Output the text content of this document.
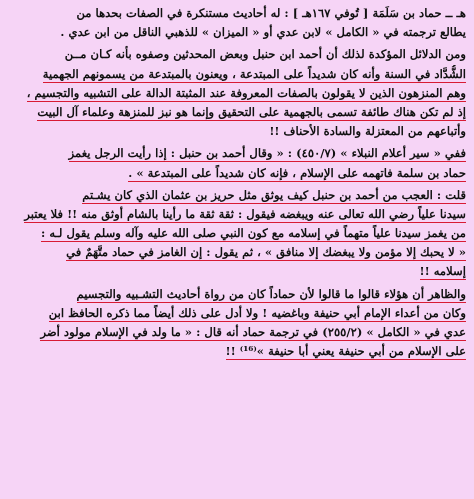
هـ ــ حماد بن سَلَمَة [ تُوفي ١٦٧هـ ] : له أحاديث مستنكرة في الصفات بحدها من
يطالع ترجمته في « الكامل » لابن عدي أو « الميزان » للذهبي الناقل من ابن عدي .
ومن الدلائل المؤكدة لذلك أن أحمد ابن حنبل وبعض المحدثين وصفوه بأنه كـان مــن
الشُّدَّاد في السنة وأنه كان شديداً على المبتدعة ، ويعنون بالمبتدعة من يسمونهم الجهمية
وهم المنزهون الذين لا يقولون بالصفات المعروفة عند المثبتة الدالة على التشبيه والتجسيم ،
إذ لم تكن هناك طائفة تسمى بالجهمية على التحقيق وإنما هو نبز للمنزهة وعلماء آل البيت
وأتباعهم من المعتزلة والسادة الأحناف !!
ففي « سير أعلام النبلاء » (٤٥٠/٧) : « وقال أحمد بن حنبل : إذا رأيت الرجل يغمز
حماد بن سلمة فاتهمه على الإسلام ، فإنه كان شديداً على المبتدعة » .
قلت : العجب من أحمد بن حنبل كيف يوثق مثل حريز بن عثمان الذي كان يشـتم
سيدنا علياً رضي الله تعالى عنه ويبغضه فيقول : ثقة ثقة ما رأينا بالشام أوثق منه !! فلا يعتبر
من يغمز سيدنا علياً متهماً في إسلامه مع كون النبي صلى الله عليه وآله وسلم يقول لـه :
« لا يحبك إلا مؤمن ولا يبغضك إلا منافق » ، ثم يقول : إن الغامز في حماد متَّهَمٌ في
إسلامه !!
والظاهر أن هؤلاء قالوا ما قالوا لأن حماداً كان من رواة أحاديث التشـبيه والتجسيم
وكان من أعداء الإمام أبي حنيفة وباغضيه ! ولا أدل على ذلك أيضاً مما ذكره الحافظ ابن
عدي في « الكامل » (٢٥٥/٢) في ترجمة حماد أنه قال : « ما ولد في الإسلام مولود أضر
على الإسلام من أبي حنيفة يعني أبا حنيفة »⁽¹⁶⁾ !!
